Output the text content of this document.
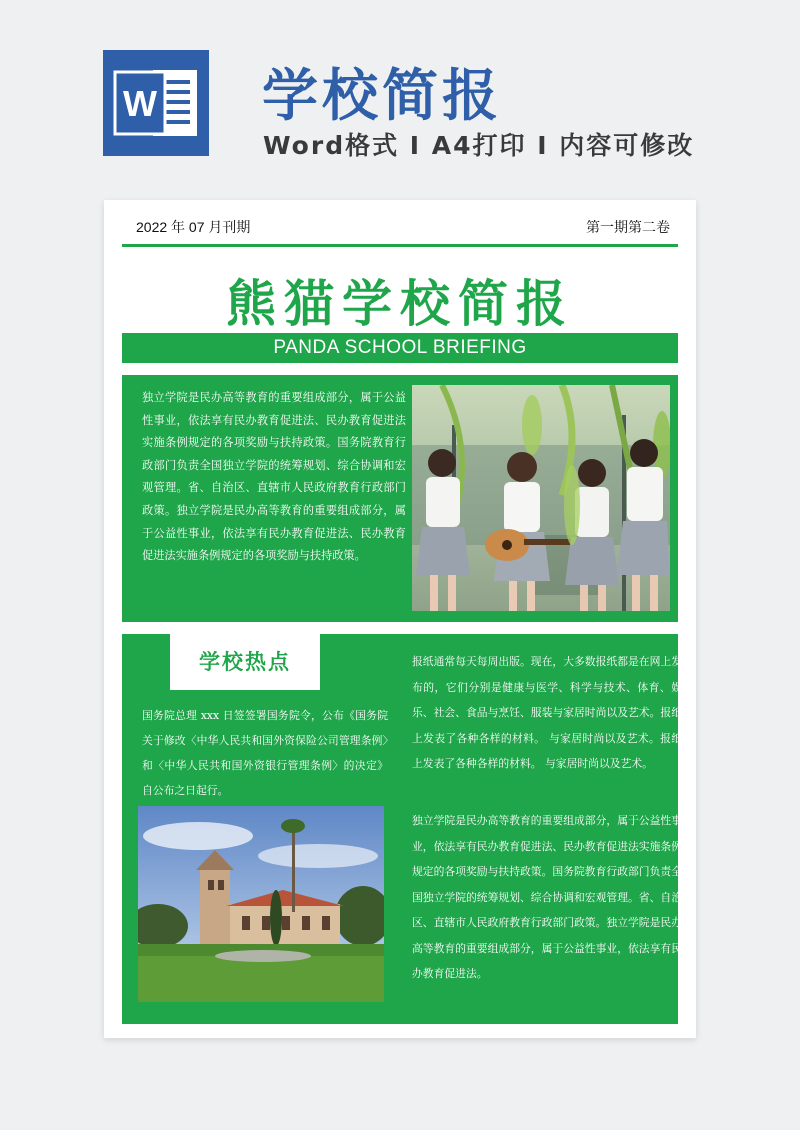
W 学校简报
Word格式 I A4打印 I 内容可修改
2022 年 07 月刊期	第一期第二卷
熊猫学校简报
PANDA SCHOOL BRIEFING

独立学院是民办高等教育的重要组成部分，属于公益性事业，依法享有民办教育促进法、民办教育促进法实施条例规定的各项奖励与扶持政策。国务院教育行政部门负责全国独立学院的统筹规划、综合协调和宏观管理。省、自治区、直辖市人民政府教育行政部门政策。独立学院是民办高等教育的重要组成部分，属于公益性事业，依法享有民办教育促进法、民办教育促进法实施条例规定的各项奖励与扶持政策。

学校热点

国务院总理 xxx 日签签署国务院令，公布《国务院关于修改〈中华人民共和国外资保险公司管理条例〉和〈中华人民共和国外资银行管理条例〉的决定》自公布之日起行。

报纸通常每天每周出版。现在，大多数报纸都是在网上发布的，它们分别是健康与医学、科学与技术、体育、娱乐、社会、食品与烹饪、服装与家居时尚以及艺术。报纸上发表了各种各样的材料。 与家居时尚以及艺术。报纸上发表了各种各样的材料。 与家居时尚以及艺术。

独立学院是民办高等教育的重要组成部分，属于公益性事业，依法享有民办教育促进法、民办教育促进法实施条例规定的各项奖励与扶持政策。国务院教育行政部门负责全国独立学院的统筹规划、综合协调和宏观管理。省、自治区、直辖市人民政府教育行政部门政策。独立学院是民办高等教育的重要组成部分，属于公益性事业，依法享有民办教育促进法。
